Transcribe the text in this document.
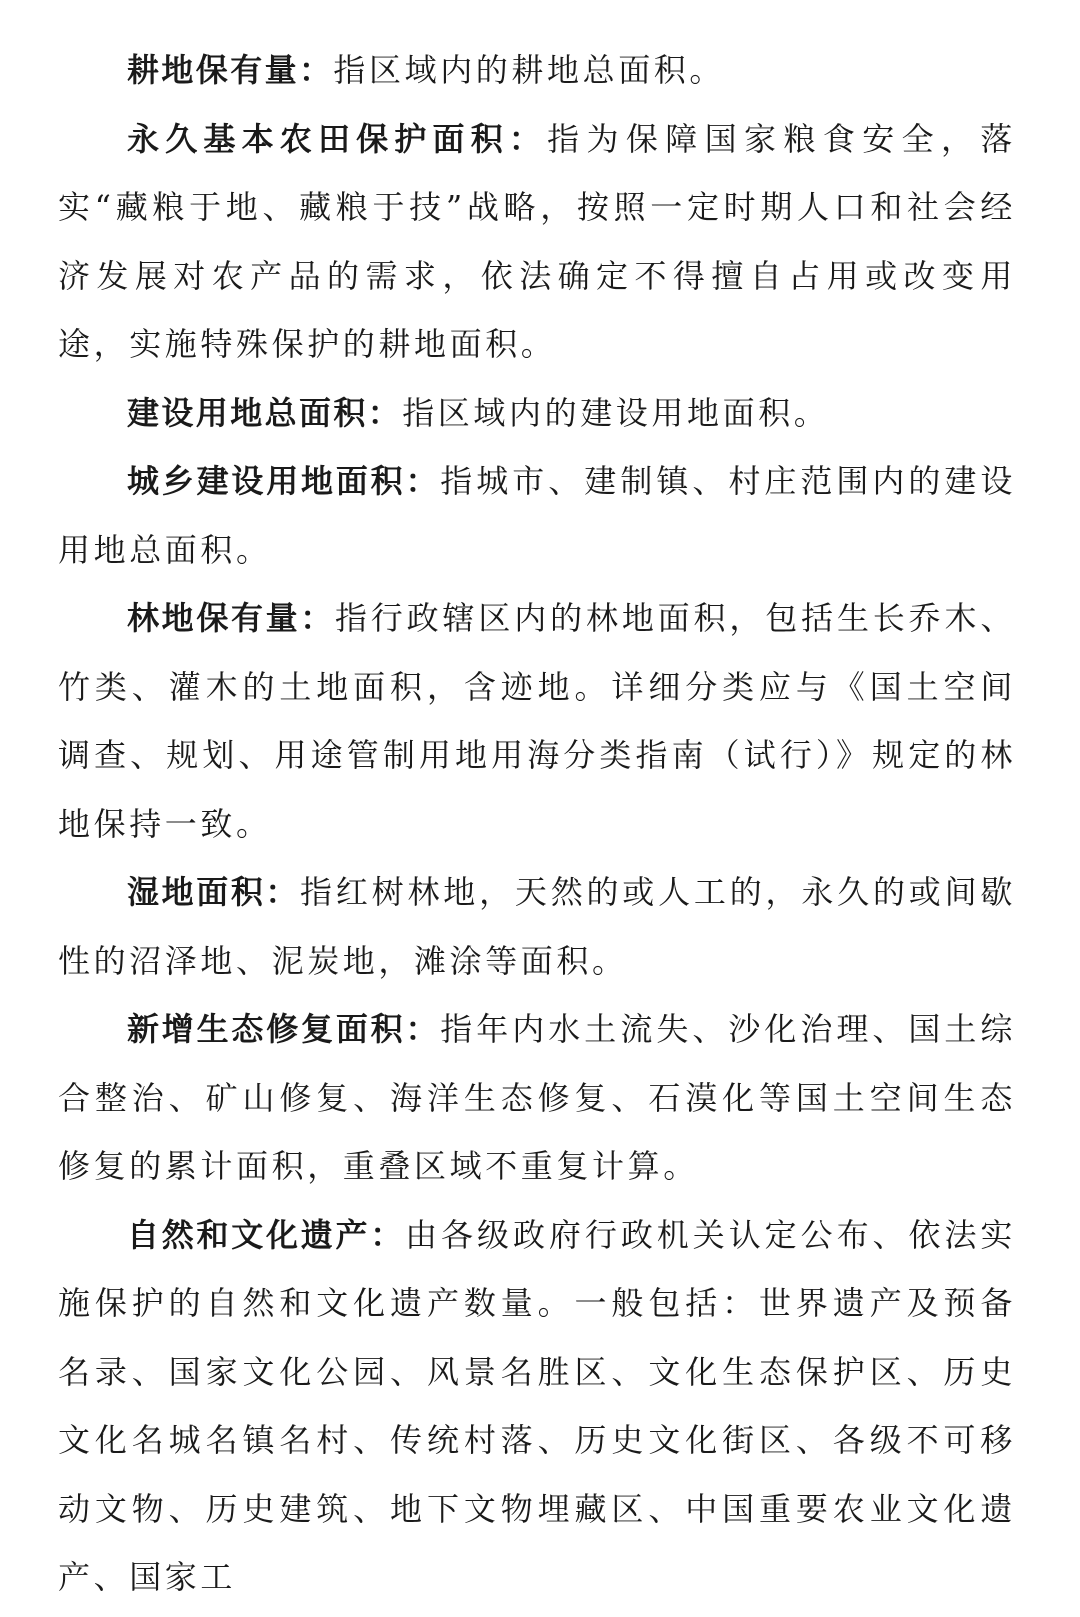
耕地保有量：指区域内的耕地总面积。

永久基本农田保护面积：指为保障国家粮食安全，落实“藏粮于地、藏粮于技”战略，按照一定时期人口和社会经济发展对农产品的需求，依法确定不得擅自占用或改变用途，实施特殊保护的耕地面积。

建设用地总面积：指区域内的建设用地面积。

城乡建设用地面积：指城市、建制镇、村庄范围内的建设用地总面积。

林地保有量：指行政辖区内的林地面积，包括生长乔木、竹类、灌木的土地面积，含迹地。详细分类应与《国土空间调查、规划、用途管制用地用海分类指南（试行）》规定的林地保持一致。

湿地面积：指红树林地，天然的或人工的，永久的或间歇性的沼泽地、泥炭地，滩涂等面积。

新增生态修复面积：指年内水土流失、沙化治理、国土综合整治、矿山修复、海洋生态修复、石漠化等国土空间生态修复的累计面积，重叠区域不重复计算。

自然和文化遗产：由各级政府行政机关认定公布、依法实施保护的自然和文化遗产数量。一般包括：世界遗产及预备名录、国家文化公园、风景名胜区、文化生态保护区、历史文化名城名镇名村、传统村落、历史文化街区、各级不可移动文物、历史建筑、地下文物埋藏区、中国重要农业文化遗产、国家工
